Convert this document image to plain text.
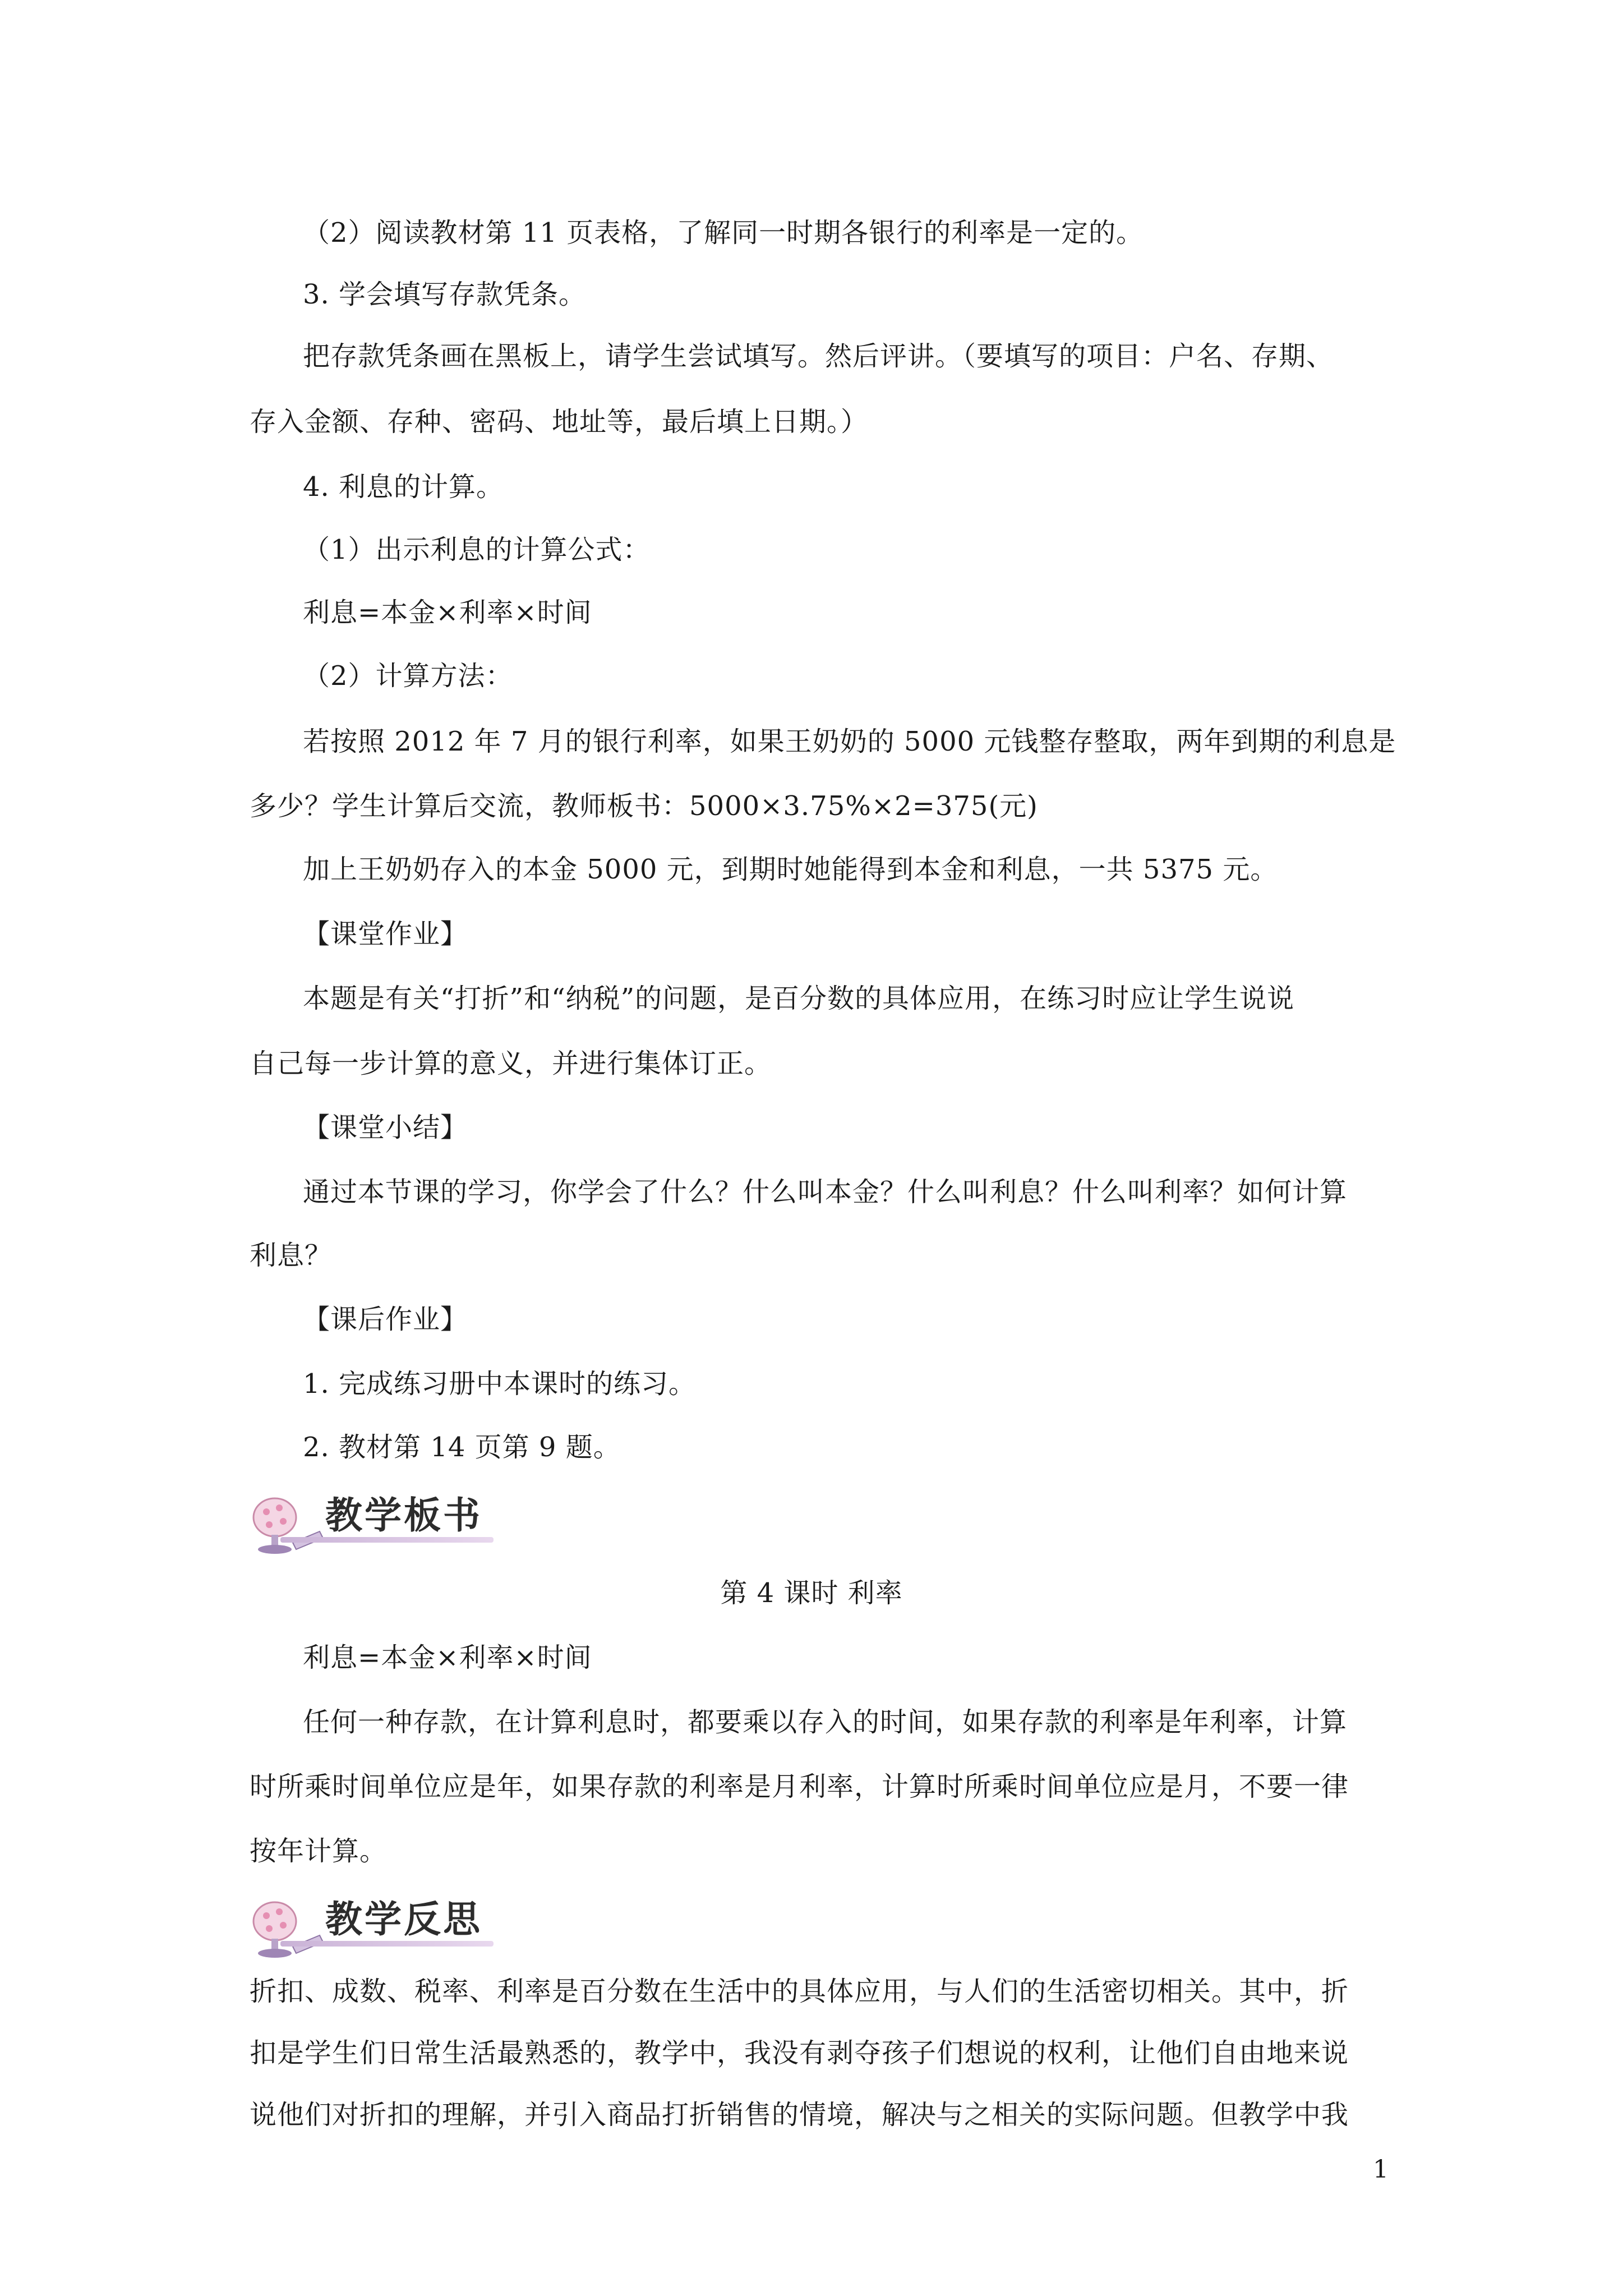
（2）阅读教材第 11 页表格，了解同一时期各银行的利率是一定的。
3. 学会填写存款凭条。
把存款凭条画在黑板上，请学生尝试填写。然后评讲。（要填写的项目：户名、存期、
存入金额、存种、密码、地址等，最后填上日期。）
4. 利息的计算。
（1）出示利息的计算公式：
利息=本金×利率×时间
（2）计算方法：
若按照 2012 年 7 月的银行利率，如果王奶奶的 5000 元钱整存整取，两年到期的利息是
多少？学生计算后交流，教师板书：5000×3.75%×2=375(元)
加上王奶奶存入的本金 5000 元，到期时她能得到本金和利息，一共 5375 元。
【课堂作业】
本题是有关“打折”和“纳税”的问题，是百分数的具体应用，在练习时应让学生说说
自己每一步计算的意义，并进行集体订正。
【课堂小结】
通过本节课的学习，你学会了什么？什么叫本金？什么叫利息？什么叫利率？如何计算
利息？
【课后作业】
1. 完成练习册中本课时的练习。
2. 教材第 14 页第 9 题。
教学板书
第 4 课时 利率
利息=本金×利率×时间
任何一种存款，在计算利息时，都要乘以存入的时间，如果存款的利率是年利率，计算
时所乘时间单位应是年，如果存款的利率是月利率，计算时所乘时间单位应是月，不要一律
按年计算。
教学反思
折扣、成数、税率、利率是百分数在生活中的具体应用，与人们的生活密切相关。其中，折
扣是学生们日常生活最熟悉的，教学中，我没有剥夺孩子们想说的权利，让他们自由地来说
说他们对折扣的理解，并引入商品打折销售的情境，解决与之相关的实际问题。但教学中我
1
